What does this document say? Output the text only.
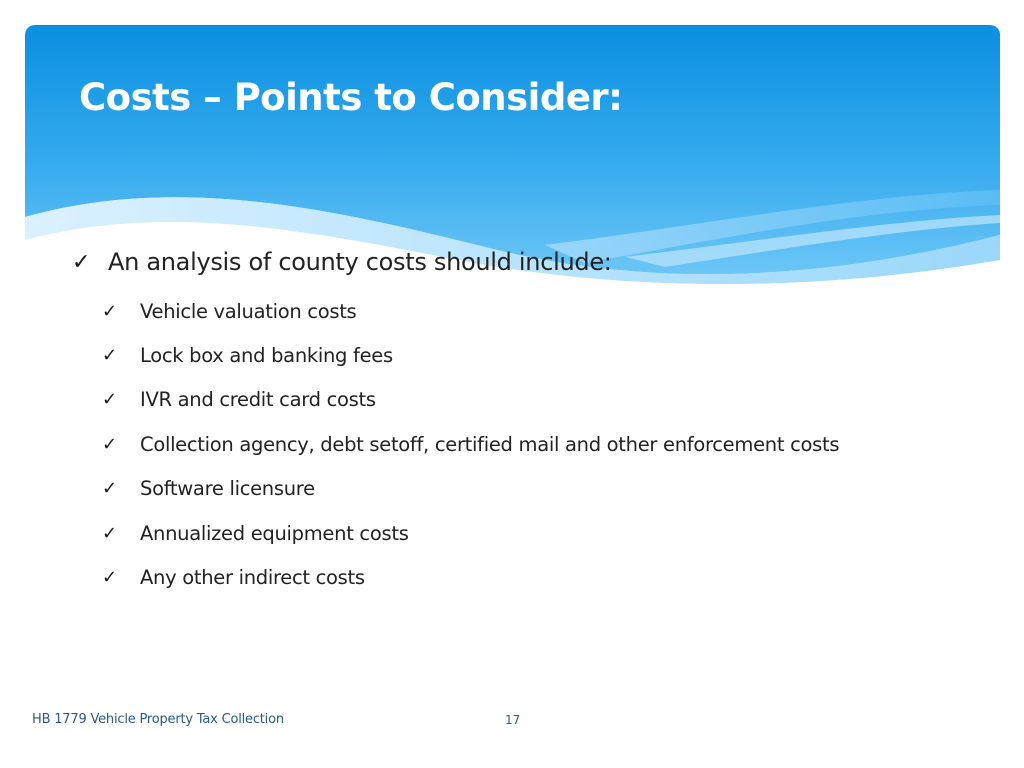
Costs – Points to Consider:
✓ An analysis of county costs should include:
✓	Vehicle valuation costs
✓	Lock box and banking fees
✓	IVR and credit card costs
✓	Collection agency, debt setoff, certified mail and other enforcement costs
✓	Software licensure
✓	Annualized equipment costs
✓	Any other indirect costs
HB 1779 Vehicle Property Tax Collection	17
